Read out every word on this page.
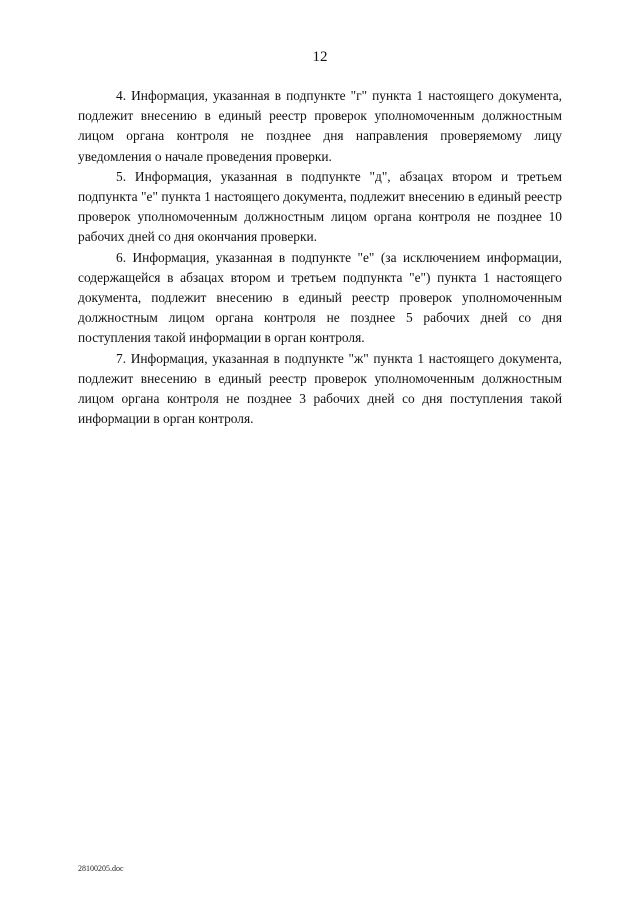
12

4. Информация, указанная в подпункте "г" пункта 1 настоящего документа, подлежит внесению в единый реестр проверок уполномоченным должностным лицом органа контроля не позднее дня направления проверяемому лицу уведомления о начале проведения проверки.

5. Информация, указанная в подпункте "д", абзацах втором и третьем подпункта "е" пункта 1 настоящего документа, подлежит внесению в единый реестр проверок уполномоченным должностным лицом органа контроля не позднее 10 рабочих дней со дня окончания проверки.

6. Информация, указанная в подпункте "е" (за исключением информации, содержащейся в абзацах втором и третьем подпункта "е") пункта 1 настоящего документа, подлежит внесению в единый реестр проверок уполномоченным должностным лицом органа контроля не позднее 5 рабочих дней со дня поступления такой информации в орган контроля.

7. Информация, указанная в подпункте "ж" пункта 1 настоящего документа, подлежит внесению в единый реестр проверок уполномоченным должностным лицом органа контроля не позднее 3 рабочих дней со дня поступления такой информации в орган контроля.

28100205.doc
